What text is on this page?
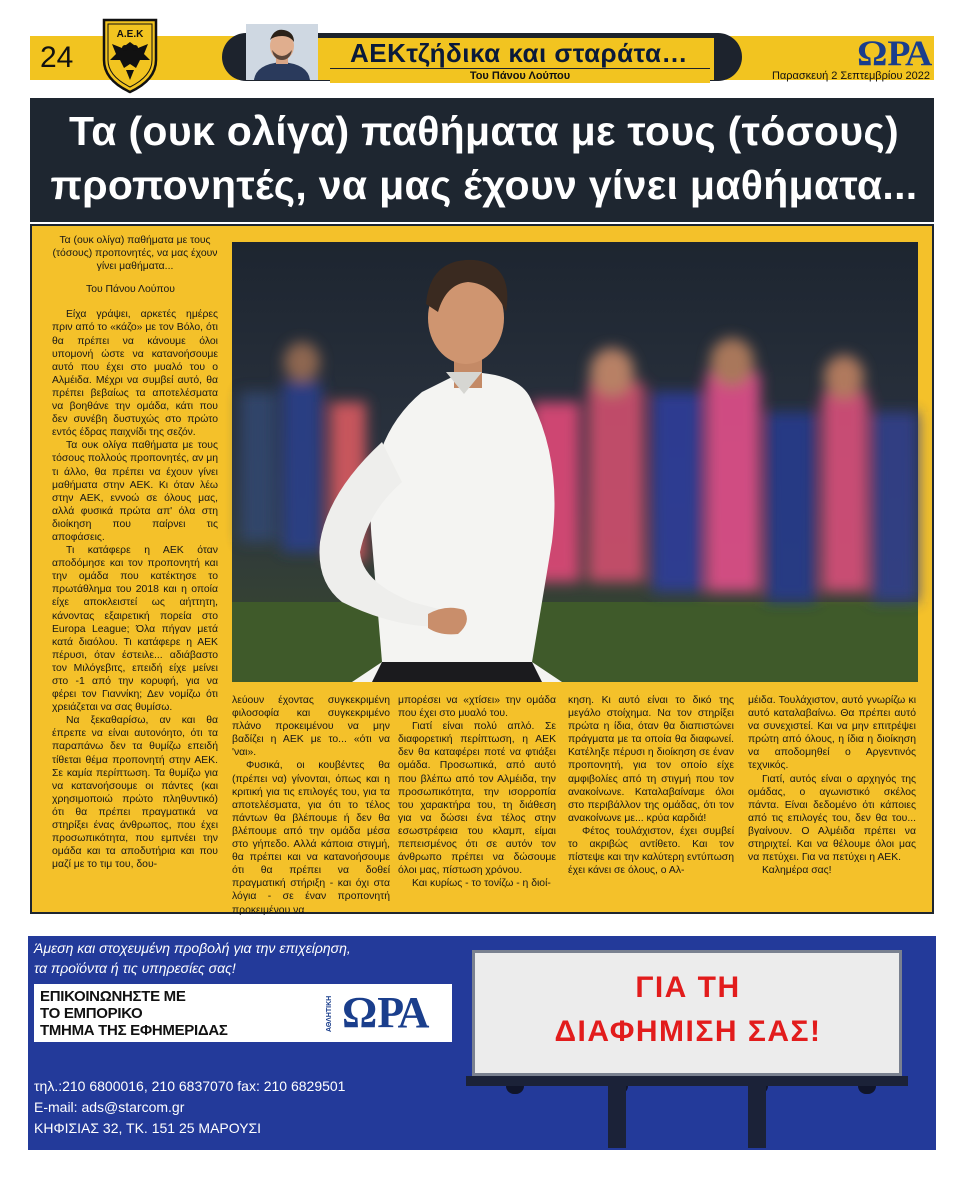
24
Α.Ε.Κ
ΑΕΚτζήδικα και σταράτα…
Του Πάνου Λούπου
ΩΡΑ
Παρασκευή 2 Σεπτεμβρίου 2022
Τα (ουκ ολίγα) παθήματα με τους (τόσους)
προπονητές, να μας έχουν γίνει μαθήματα...

Τα (ουκ ολίγα) παθήματα με τους (τόσους) προπονητές, να μας έχουν γίνει μαθήματα...

Του Πάνου Λούπου

Είχα γράψει, αρκετές ημέρες πριν από το «κάζο» με τον Βόλο, ότι θα πρέπει να κάνουμε όλοι υπομονή ώστε να κατανοήσουμε αυτό που έχει στο μυαλό του ο Αλμέιδα. Μέχρι να συμβεί αυτό, θα πρέπει βεβαίως τα αποτελέσματα να βοηθάνε την ομάδα, κάτι που δεν συνέβη δυστυχώς στο πρώτο εντός έδρας παιχνίδι της σεζόν.

Τα ουκ ολίγα παθήματα με τους τόσους πολλούς προπονητές, αν μη τι άλλο, θα πρέπει να έχουν γίνει μαθήματα στην ΑΕΚ. Κι όταν λέω στην ΑΕΚ, εννοώ σε όλους μας, αλλά φυσικά πρώτα απ' όλα στη διοίκηση που παίρνει τις αποφάσεις.

Τι κατάφερε η ΑΕΚ όταν αποδόμησε και τον προπονητή και την ομάδα που κατέκτησε το πρωτάθλημα του 2018 και η οποία είχε αποκλειστεί ως αήττητη, κάνοντας εξαιρετική πορεία στο Europa League; Όλα πήγαν μετά κατά διαόλου. Τι κατάφερε η ΑΕΚ πέρυσι, όταν έστειλε... αδιάβαστο τον Μιλόγεβιτς, επειδή είχε μείνει στο -1 από την κορυφή, για να φέρει τον Γιαννίκη; Δεν νομίζω ότι χρειάζεται να σας θυμίσω.

Να ξεκαθαρίσω, αν και θα έπρεπε να είναι αυτονόητο, ότι τα παραπάνω δεν τα θυμίζω επειδή τίθεται θέμα προπονητή στην ΑΕΚ. Σε καμία περίπτωση. Τα θυμίζω για να κατανοήσουμε οι πάντες (και χρησιμοποιώ πρώτο πληθυντικό) ότι θα πρέπει πραγματικά να στηρίξει ένας άνθρωπος, που έχει προσωπικότητα, που εμπνέει την ομάδα και τα αποδυτήρια και που μαζί με το τιμ του, δου-

λεύουν έχοντας συγκεκριμένη φιλοσοφία και συγκεκριμένο πλάνο προκειμένου να μην βαδίζει η ΑΕΚ με το... «ότι να 'ναι».

Φυσικά, οι κουβέντες θα (πρέπει να) γίνονται, όπως και η κριτική για τις επιλογές του, για τα αποτελέσματα, για ότι το τέλος πάντων θα βλέπουμε ή δεν θα βλέπουμε από την ομάδα μέσα στο γήπεδο. Αλλά κάποια στιγμή, θα πρέπει και να κατανοήσουμε ότι θα πρέπει να δοθεί πραγματική στήριξη - και όχι στα λόγια - σε έναν προπονητή προκειμένου να

μπορέσει να «χτίσει» την ομάδα που έχει στο μυαλό του.

Γιατί είναι πολύ απλό. Σε διαφορετική περίπτωση, η ΑΕΚ δεν θα καταφέρει ποτέ να φτιάξει ομάδα. Προσωπικά, από αυτό που βλέπω από τον Αλμέιδα, την προσωπικότητα, την ισορροπία του χαρακτήρα του, τη διάθεση για να δώσει ένα τέλος στην εσωστρέφεια του κλαμπ, είμαι πεπεισμένος ότι σε αυτόν τον άνθρωπο πρέπει να δώσουμε όλοι μας, πίστωση χρόνου.

Και κυρίως - το τονίζω - η διοί-

κηση. Κι αυτό είναι το δικό της μεγάλο στοίχημα. Να τον στηρίξει πρώτα η ίδια, όταν θα διαπιστώνει πράγματα με τα οποία θα διαφωνεί. Κατέληξε πέρυσι η διοίκηση σε έναν προπονητή, για τον οποίο είχε αμφιβολίες από τη στιγμή που τον ανακοίνωνε. Καταλαβαίναμε όλοι στο περιβάλλον της ομάδας, ότι τον ανακοίνωνε με... κρύα καρδιά!

Φέτος τουλάχιστον, έχει συμβεί το ακριβώς αντίθετο. Και τον πίστεψε και την καλύτερη εντύπωση έχει κάνει σε όλους, ο Αλ-

μέιδα. Τουλάχιστον, αυτό γνωρίζω κι αυτό καταλαβαίνω. Θα πρέπει αυτό να συνεχιστεί. Και να μην επιτρέψει πρώτη από όλους, η ίδια η διοίκηση να αποδομηθεί ο Αργεντινός τεχνικός.

Γιατί, αυτός είναι ο αρχηγός της ομάδας, ο αγωνιστικό σκέλος πάντα. Είναι δεδομένο ότι κάποιες από τις επιλογές του, δεν θα του... βγαίνουν. Ο Αλμέιδα πρέπει να στηριχτεί. Και να θέλουμε όλοι μας να πετύχει. Για να πετύχει η ΑΕΚ.

Καλημέρα σας!

Άμεση και στοχευμένη προβολή για την επιχείρηση,
τα προϊόντα ή τις υπηρεσίες σας!
ΕΠΙΚΟΙΝΩΝΗΣΤΕ ΜΕ
ΤΟ ΕΜΠΟΡΙΚΟ
ΤΜΗΜΑ ΤΗΣ ΕΦΗΜΕΡΙΔΑΣ	ΩΡΑ
ΑΘΛΗΤΙΚΗ
τηλ.:210 6800016, 210 6837070 fax: 210 6829501
E-mail: ads@starcom.gr
ΚΗΦΙΣΙΑΣ 32, ΤΚ. 151 25 ΜΑΡΟΥΣΙ
ΓΙΑ ΤΗ
ΔΙΑΦΗΜΙΣΗ ΣΑΣ!
